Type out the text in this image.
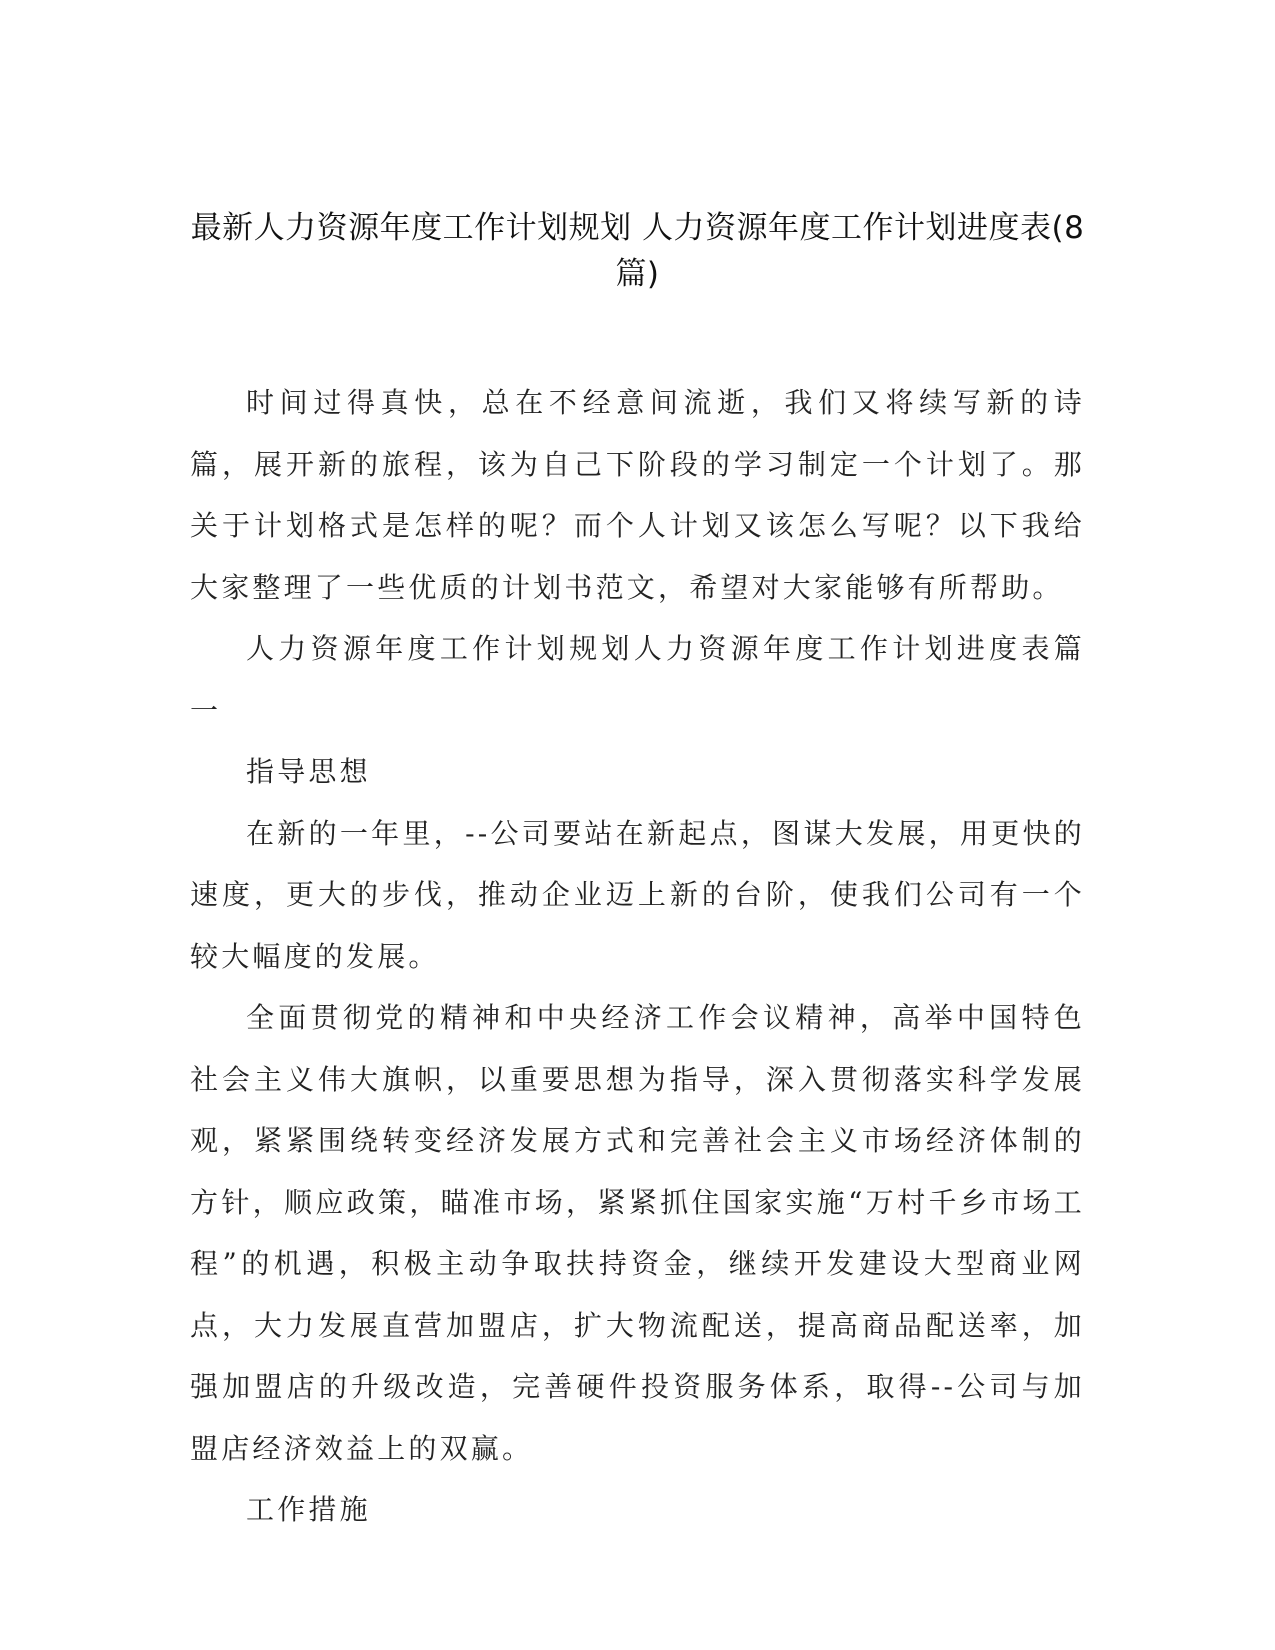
最新人力资源年度工作计划规划 人力资源年度工作计划进度表(8篇)

时间过得真快，总在不经意间流逝，我们又将续写新的诗篇，展开新的旅程，该为自己下阶段的学习制定一个计划了。那关于计划格式是怎样的呢？而个人计划又该怎么写呢？以下我给大家整理了一些优质的计划书范文，希望对大家能够有所帮助。

人力资源年度工作计划规划人力资源年度工作计划进度表篇一

指导思想

在新的一年里，--公司要站在新起点，图谋大发展，用更快的速度，更大的步伐，推动企业迈上新的台阶，使我们公司有一个较大幅度的发展。

全面贯彻党的精神和中央经济工作会议精神，高举中国特色社会主义伟大旗帜，以重要思想为指导，深入贯彻落实科学发展观，紧紧围绕转变经济发展方式和完善社会主义市场经济体制的方针，顺应政策，瞄准市场，紧紧抓住国家实施“万村千乡市场工程”的机遇，积极主动争取扶持资金，继续开发建设大型商业网点，大力发展直营加盟店，扩大物流配送，提高商品配送率，加强加盟店的升级改造，完善硬件投资服务体系，取得--公司与加盟店经济效益上的双赢。

工作措施
